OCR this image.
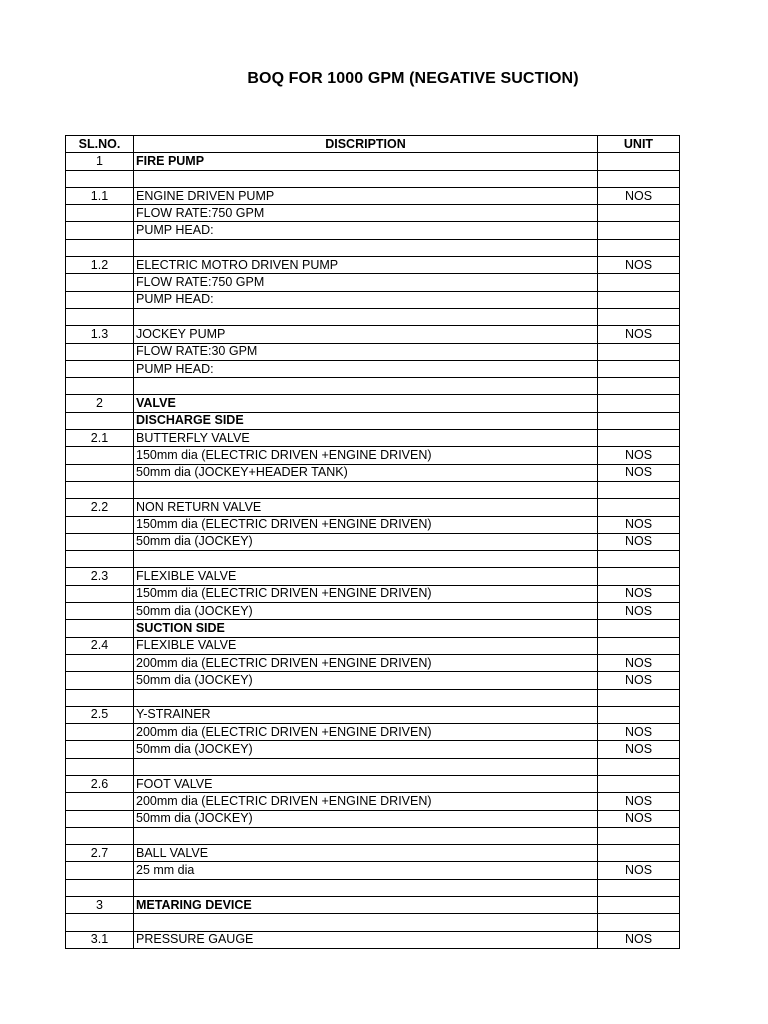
BOQ FOR 1000 GPM (NEGATIVE SUCTION)
SL.NO.	DISCRIPTION	UNIT
1	FIRE PUMP	

1.1	ENGINE DRIVEN PUMP	NOS
	FLOW RATE:750 GPM	
	PUMP HEAD:	

1.2	ELECTRIC MOTRO DRIVEN PUMP	NOS
	FLOW RATE:750 GPM	
	PUMP HEAD:	

1.3	JOCKEY PUMP	NOS
	FLOW RATE:30 GPM	
	PUMP HEAD:	

2	VALVE	
	DISCHARGE SIDE	
2.1	BUTTERFLY VALVE	
	150mm dia (ELECTRIC DRIVEN +ENGINE DRIVEN)	NOS
	50mm dia (JOCKEY+HEADER TANK)	NOS

2.2	NON RETURN VALVE	
	150mm dia (ELECTRIC DRIVEN +ENGINE DRIVEN)	NOS
	50mm dia (JOCKEY)	NOS

2.3	FLEXIBLE VALVE	
	150mm dia (ELECTRIC DRIVEN +ENGINE DRIVEN)	NOS
	50mm dia (JOCKEY)	NOS
	SUCTION SIDE	
2.4	FLEXIBLE VALVE	
	200mm dia (ELECTRIC DRIVEN +ENGINE DRIVEN)	NOS
	50mm dia (JOCKEY)	NOS

2.5	Y-STRAINER	
	200mm dia (ELECTRIC DRIVEN +ENGINE DRIVEN)	NOS
	50mm dia (JOCKEY)	NOS

2.6	FOOT VALVE	
	200mm dia (ELECTRIC DRIVEN +ENGINE DRIVEN)	NOS
	50mm dia (JOCKEY)	NOS

2.7	BALL VALVE	
	25 mm dia	NOS

3	METARING DEVICE	

3.1	PRESSURE GAUGE	NOS
